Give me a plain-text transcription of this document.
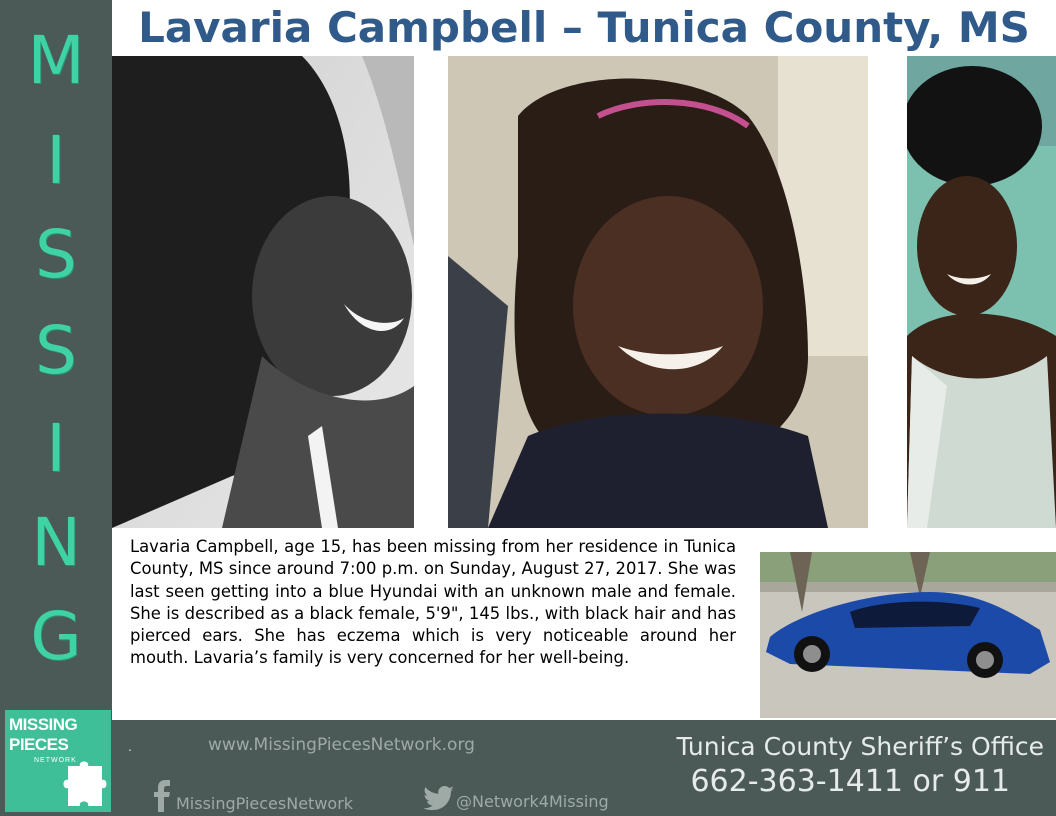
M
I
S
S
I
N
G
Lavaria Campbell – Tunica County, MS
Lavaria Campbell, age 15, has been missing from her residence in Tunica County, MS since around 7:00 p.m. on Sunday, August 27, 2017. She was last seen getting into a blue Hyundai with an unknown male and female. She is described as a black female, 5'9", 145 lbs., with black hair and has pierced ears. She has eczema which is very noticeable around her mouth. Lavaria’s family is very concerned for her well-being.
MISSING
PIECES
NETWORK
.	www.MissingPiecesNetwork.org
MissingPiecesNetwork	@Network4Missing
Tunica County Sheriff’s Office
662-363-1411 or 911
